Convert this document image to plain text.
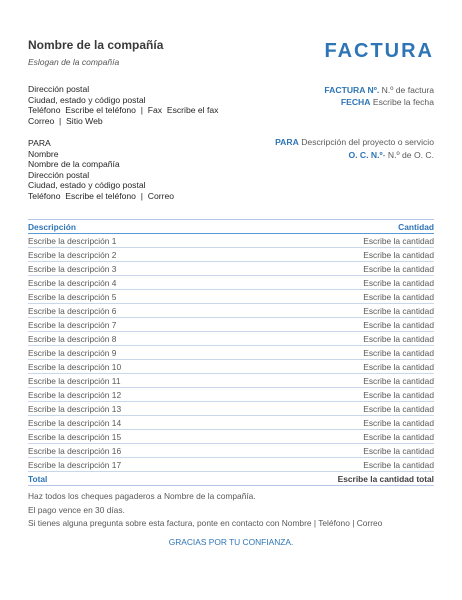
Nombre de la compañía
Eslogan de la compañía	FACTURA
Dirección postal
Ciudad, estado y código postal
Teléfono  Escribe el teléfono  |  Fax  Escribe el fax
Correo  |  Sitio Web
FACTURA Nº. N.º de factura
FECHA Escribe la fecha
PARA
Nombre
Nombre de la compañía
Dirección postal
Ciudad, estado y código postal
Teléfono  Escribe el teléfono  |  Correo
PARA Descripción del proyecto o servicio
O. C. N.º- N.º de O. C.
Descripción	Cantidad
Escribe la descripción 1	Escribe la cantidad
Escribe la descripción 2	Escribe la cantidad
Escribe la descripción 3	Escribe la cantidad
Escribe la descripción 4	Escribe la cantidad
Escribe la descripción 5	Escribe la cantidad
Escribe la descripción 6	Escribe la cantidad
Escribe la descripción 7	Escribe la cantidad
Escribe la descripción 8	Escribe la cantidad
Escribe la descripción 9	Escribe la cantidad
Escribe la descripción 10	Escribe la cantidad
Escribe la descripción 11	Escribe la cantidad
Escribe la descripción 12	Escribe la cantidad
Escribe la descripción 13	Escribe la cantidad
Escribe la descripción 14	Escribe la cantidad
Escribe la descripción 15	Escribe la cantidad
Escribe la descripción 16	Escribe la cantidad
Escribe la descripción 17	Escribe la cantidad
Total	Escribe la cantidad total
Haz todos los cheques pagaderos a Nombre de la compañía.
El pago vence en 30 días.
Si tienes alguna pregunta sobre esta factura, ponte en contacto con Nombre | Teléfono | Correo
GRACIAS POR TU CONFIANZA.
